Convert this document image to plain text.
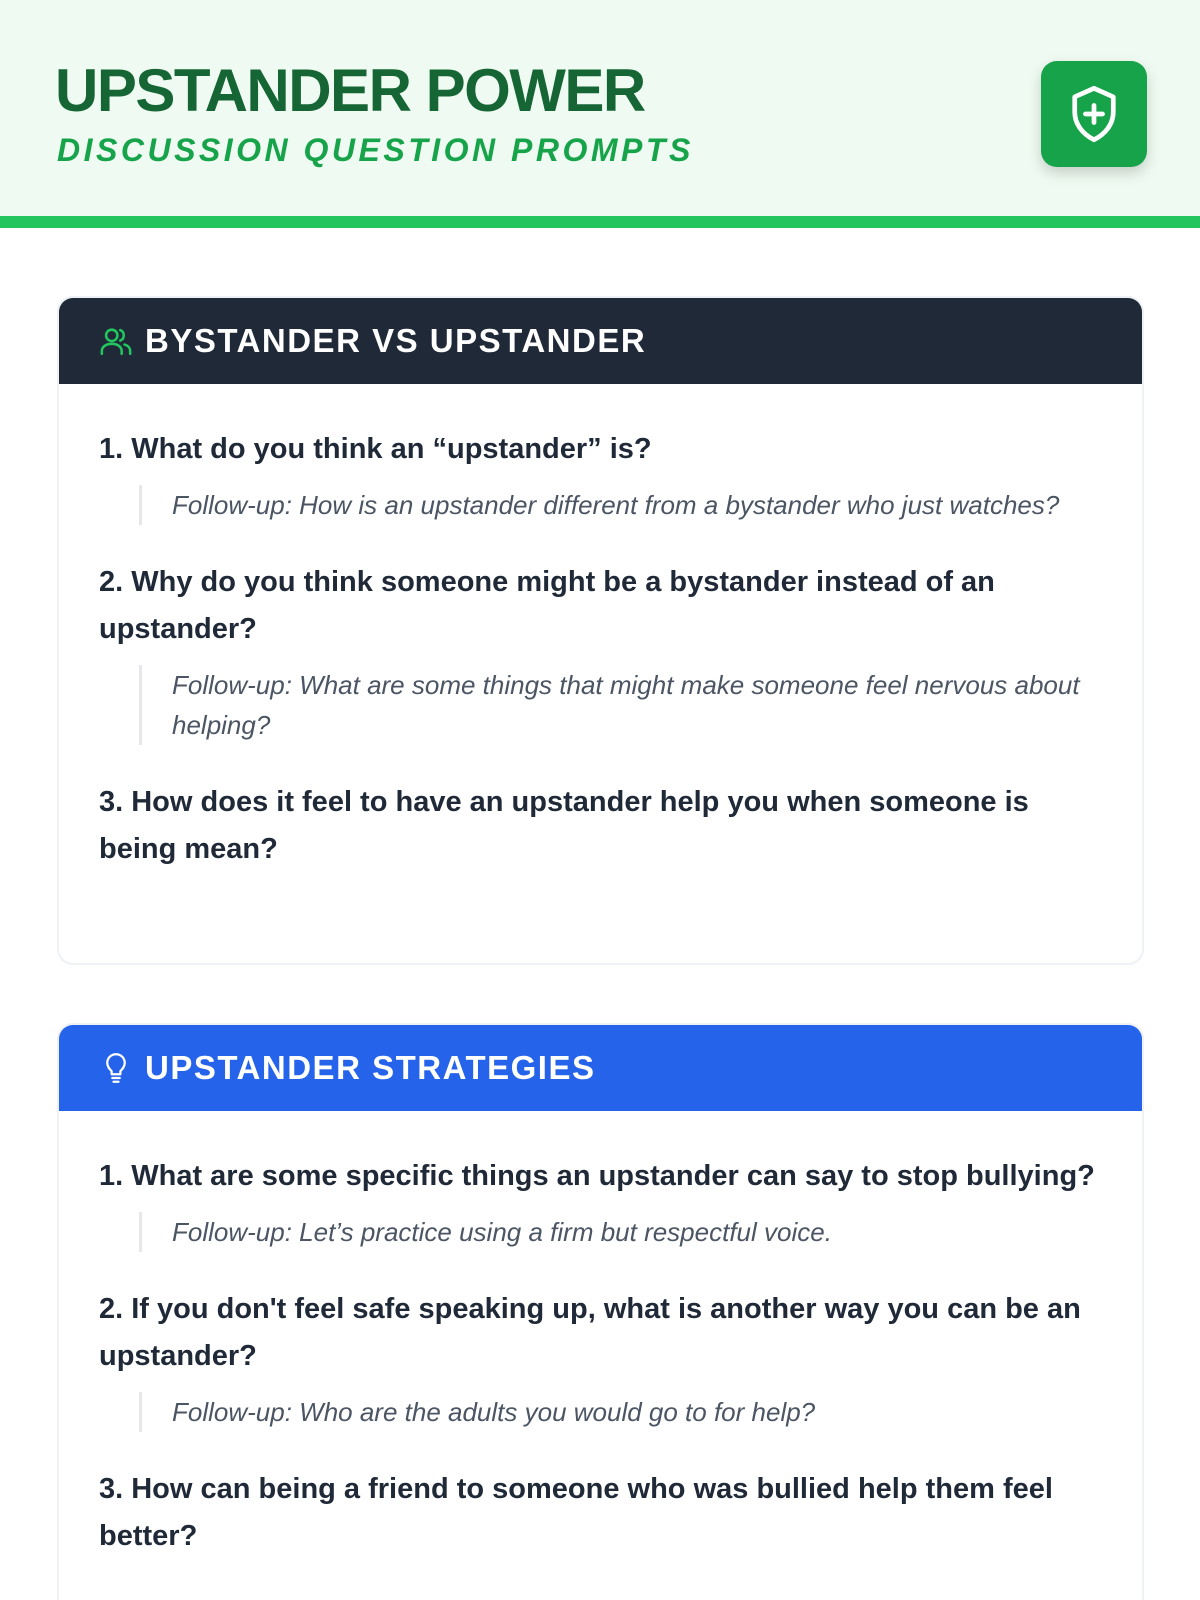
UPSTANDER POWER
DISCUSSION QUESTION PROMPTS
BYSTANDER VS UPSTANDER
1. What do you think an “upstander” is?
Follow-up: How is an upstander different from a bystander who just watches?
2. Why do you think someone might be a bystander instead of an upstander?
Follow-up: What are some things that might make someone feel nervous about helping?
3. How does it feel to have an upstander help you when someone is being mean?
UPSTANDER STRATEGIES
1. What are some specific things an upstander can say to stop bullying?
Follow-up: Let’s practice using a firm but respectful voice.
2. If you don't feel safe speaking up, what is another way you can be an upstander?
Follow-up: Who are the adults you would go to for help?
3. How can being a friend to someone who was bullied help them feel better?
